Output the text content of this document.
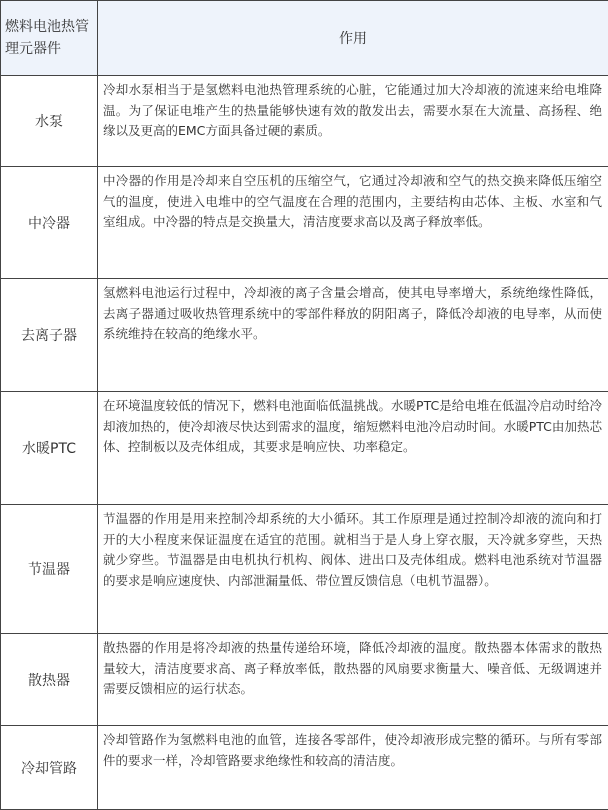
燃料电池热管理元器件	作用
水泵	冷却水泵相当于是氢燃料电池热管理系统的心脏，它能通过加大冷却液的流速来给电堆降温。为了保证电堆产生的热量能够快速有效的散发出去，需要水泵在大流量、高扬程、绝缘以及更高的EMC方面具备过硬的素质。
中冷器	中冷器的作用是冷却来自空压机的压缩空气，它通过冷却液和空气的热交换来降低压缩空气的温度，使进入电堆中的空气温度在合理的范围内，主要结构由芯体、主板、水室和气室组成。中冷器的特点是交换量大，清洁度要求高以及离子释放率低。
去离子器	氢燃料电池运行过程中，冷却液的离子含量会增高，使其电导率增大，系统绝缘性降低，去离子器通过吸收热管理系统中的零部件释放的阴阳离子，降低冷却液的电导率，从而使系统维持在较高的绝缘水平。
水暖PTC	在环境温度较低的情况下，燃料电池面临低温挑战。水暖PTC是给电堆在低温冷启动时给冷却液加热的，使冷却液尽快达到需求的温度，缩短燃料电池冷启动时间。水暖PTC由加热芯体、控制板以及壳体组成，其要求是响应快、功率稳定。
节温器	节温器的作用是用来控制冷却系统的大小循环。其工作原理是通过控制冷却液的流向和打开的大小程度来保证温度在适宜的范围。就相当于是人身上穿衣服，天冷就多穿些，天热就少穿些。节温器是由电机执行机构、阀体、进出口及壳体组成。燃料电池系统对节温器的要求是响应速度快、内部泄漏量低、带位置反馈信息（电机节温器）。
散热器	散热器的作用是将冷却液的热量传递给环境，降低冷却液的温度。散热器本体需求的散热量较大，清洁度要求高、离子释放率低，散热器的风扇要求衡量大、噪音低、无级调速并需要反馈相应的运行状态。
冷却管路	冷却管路作为氢燃料电池的血管，连接各零部件，使冷却液形成完整的循环。与所有零部件的要求一样，冷却管路要求绝缘性和较高的清洁度。
